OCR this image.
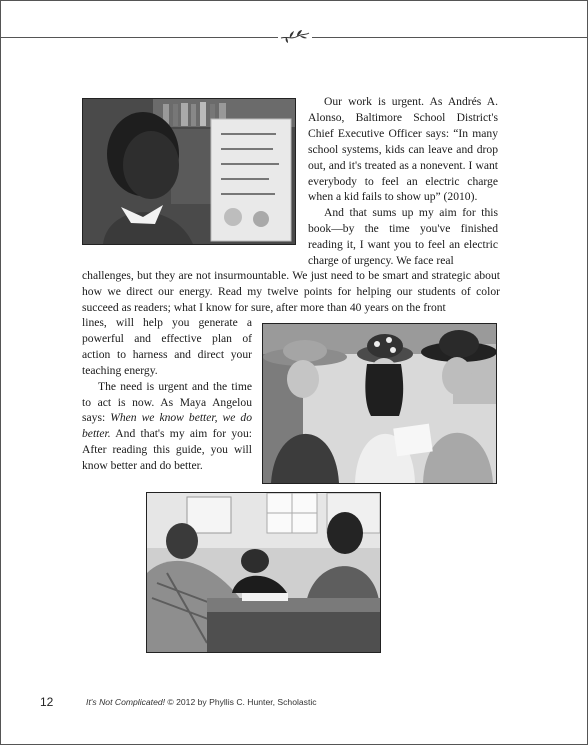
Our work is urgent. As Andrés A. Alonso, Baltimore School District's Chief Executive Officer says: “In many school systems, kids can leave and drop out, and it's treated as a nonevent. I want everybody to feel an electric charge when a kid fails to show up” (2010).

And that sums up my aim for this book—by the time you've finished reading it, I want you to feel an electric charge of urgency. We face real

challenges, but they are not insurmountable. We just need to be smart and strategic about how we direct our energy. Read my twelve points for helping our students of color succeed as readers; what I know for sure, after more than 40 years on the front

lines, will help you generate a powerful and effective plan of action to harness and direct your teaching energy.

The need is urgent and the time to act is now. As Maya Angelou says: When we know better, we do better. And that's my aim for you: After reading this guide, you will know better and do better.

12	It's Not Complicated! © 2012 by Phyllis C. Hunter, Scholastic
